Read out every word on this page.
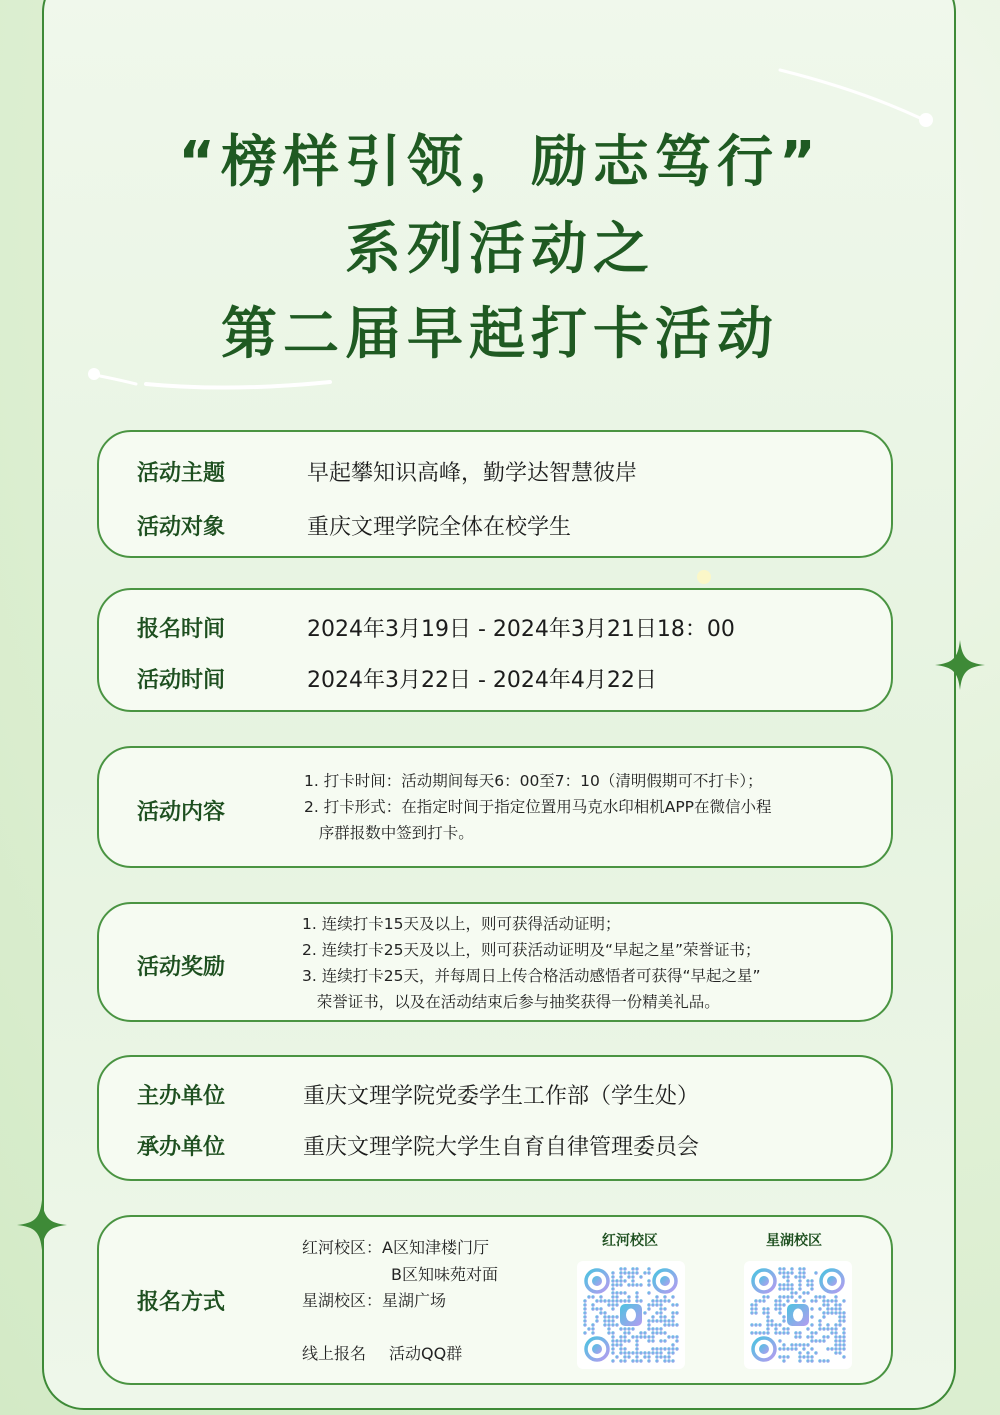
“榜样引领，励志笃行”
系列活动之
第二届早起打卡活动
活动主题	早起攀知识高峰，勤学达智慧彼岸
活动对象	重庆文理学院全体在校学生
报名时间	2024年3月19日 - 2024年3月21日18：00
活动时间	2024年3月22日 - 2024年4月22日
活动内容
1. 打卡时间：活动期间每天6：00至7：10（清明假期可不打卡）；
2. 打卡形式：在指定时间于指定位置用马克水印相机APP在微信小程
序群报数中签到打卡。
活动奖励
1. 连续打卡15天及以上，则可获得活动证明；
2. 连续打卡25天及以上，则可获活动证明及“早起之星”荣誉证书；
3. 连续打卡25天，并每周日上传合格活动感悟者可获得“早起之星”
荣誉证书，以及在活动结束后参与抽奖获得一份精美礼品。
主办单位	重庆文理学院党委学生工作部（学生处）
承办单位	重庆文理学院大学生自育自律管理委员会
报名方式
红河校区：A区知津楼门厅
B区知味苑对面
星湖校区：星湖广场
线上报名 活动QQ群
红河校区	星湖校区
